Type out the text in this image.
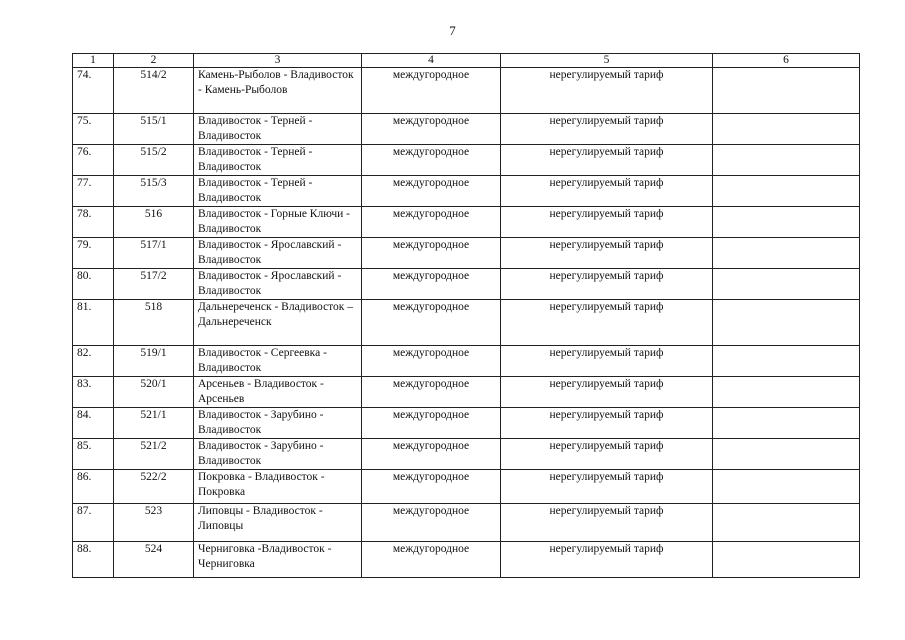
7
1	2	3	4	5	6
74.	514/2	Камень-Рыболов - Владивосток - Камень-Рыболов	междугородное	нерегулируемый тариф	
75.	515/1	Владивосток - Терней - Владивосток	междугородное	нерегулируемый тариф	
76.	515/2	Владивосток - Терней - Владивосток	междугородное	нерегулируемый тариф	
77.	515/3	Владивосток - Терней - Владивосток	междугородное	нерегулируемый тариф	
78.	516	Владивосток - Горные Ключи - Владивосток	междугородное	нерегулируемый тариф	
79.	517/1	Владивосток - Ярославский - Владивосток	междугородное	нерегулируемый тариф	
80.	517/2	Владивосток - Ярославский - Владивосток	междугородное	нерегулируемый тариф	
81.	518	Дальнереченск - Владивосток – Дальнереченск	междугородное	нерегулируемый тариф	
82.	519/1	Владивосток - Сергеевка - Владивосток	междугородное	нерегулируемый тариф	
83.	520/1	Арсеньев - Владивосток - Арсеньев	междугородное	нерегулируемый тариф	
84.	521/1	Владивосток - Зарубино - Владивосток	междугородное	нерегулируемый тариф	
85.	521/2	Владивосток - Зарубино - Владивосток	междугородное	нерегулируемый тариф	
86.	522/2	Покровка - Владивосток - Покровка	междугородное	нерегулируемый тариф	
87.	523	Липовцы - Владивосток - Липовцы	междугородное	нерегулируемый тариф	
88.	524	Черниговка -Владивосток - Черниговка	междугородное	нерегулируемый тариф	
